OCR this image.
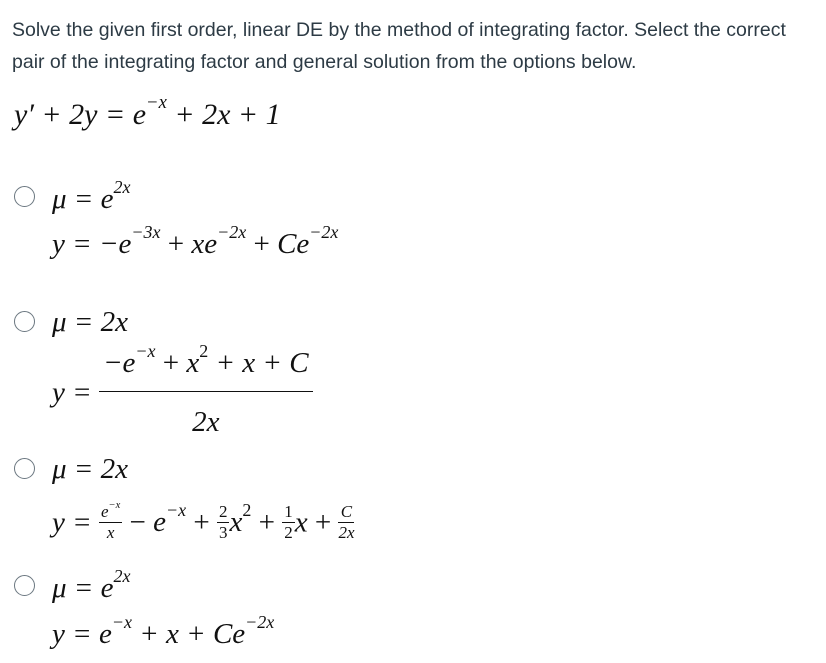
Solve the given first order, linear DE by the method of integrating factor. Select the correct pair of the integrating factor and general solution from the options below.
$y' + 2y = e^{-x} + 2x + 1$
$\mu = e^{2x}$
$y = -e^{-3x} + xe^{-2x} + Ce^{-2x}$
μ = 2x
$y = \frac{-e^{-x} + x^2 + x + C}{2x}$
μ = 2x
$y = \frac{e^{-x}}{x} - e^{-x} + \frac{2}{3} x^2 + \frac{1}{2}$ $x + \frac{C}{2x}$
$\mu = e^{2x}$
$y = e^{-x} + x + Ce^{-2x}$
